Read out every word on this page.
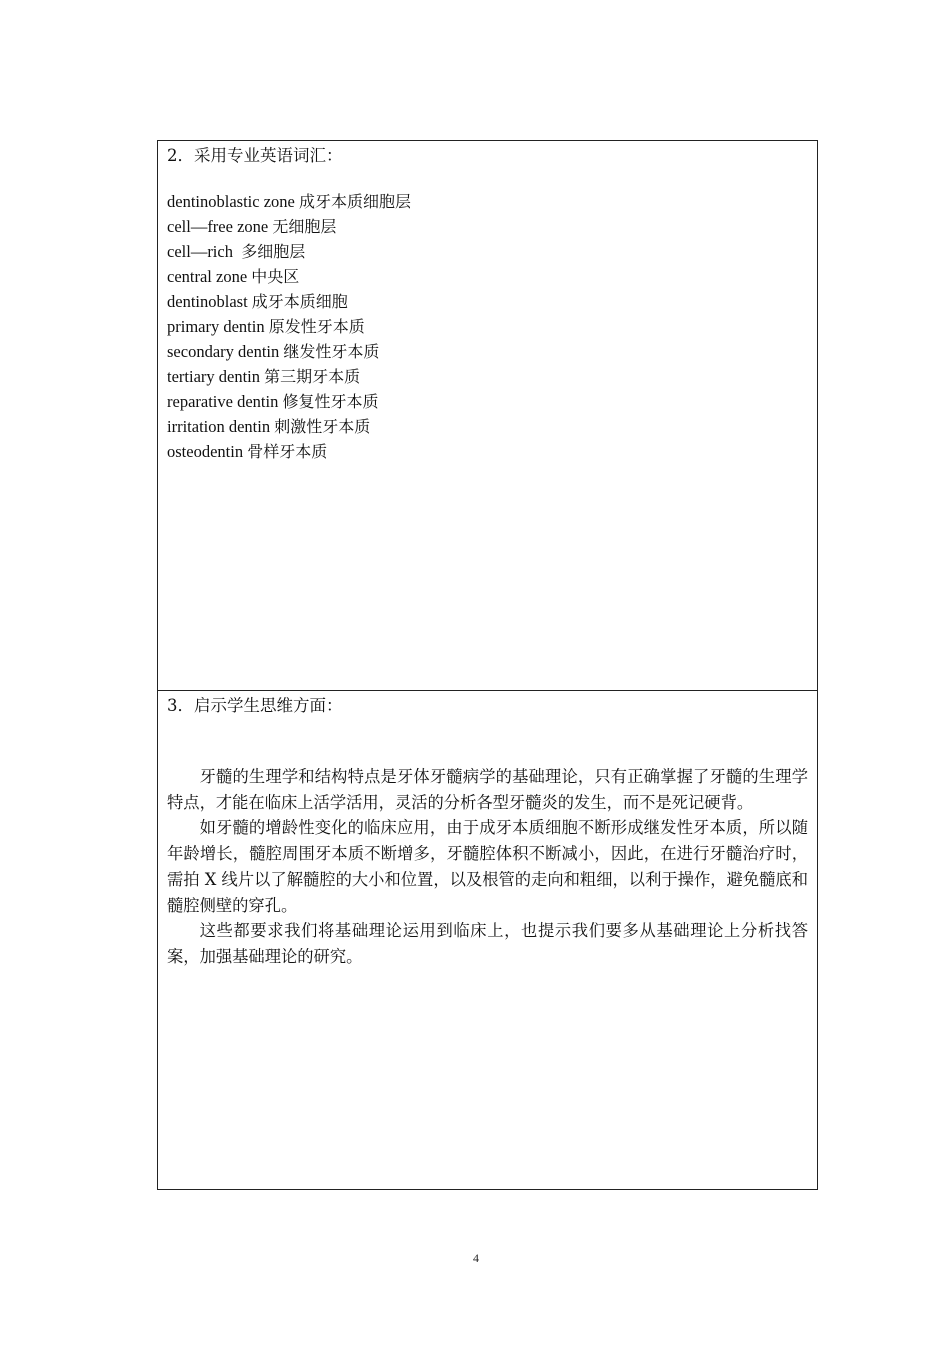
2．采用专业英语词汇：

dentinoblastic zone 成牙本质细胞层
cell—free zone 无细胞层
cell—rich 多细胞层
central zone 中央区
dentinoblast 成牙本质细胞
primary dentin 原发性牙本质
secondary dentin 继发性牙本质
tertiary dentin 第三期牙本质
reparative dentin 修复性牙本质
irritation dentin 刺激性牙本质
osteodentin 骨样牙本质

3．启示学生思维方面：

牙髓的生理学和结构特点是牙体牙髓病学的基础理论，只有正确掌握了牙髓的生理学特点，才能在临床上活学活用，灵活的分析各型牙髓炎的发生，而不是死记硬背。

如牙髓的增龄性变化的临床应用，由于成牙本质细胞不断形成继发性牙本质，所以随年龄增长，髓腔周围牙本质不断增多，牙髓腔体积不断减小，因此，在进行牙髓治疗时，需拍 X 线片以了解髓腔的大小和位置，以及根管的走向和粗细，以利于操作，避免髓底和髓腔侧壁的穿孔。

这些都要求我们将基础理论运用到临床上，也提示我们要多从基础理论上分析找答案，加强基础理论的研究。

4
